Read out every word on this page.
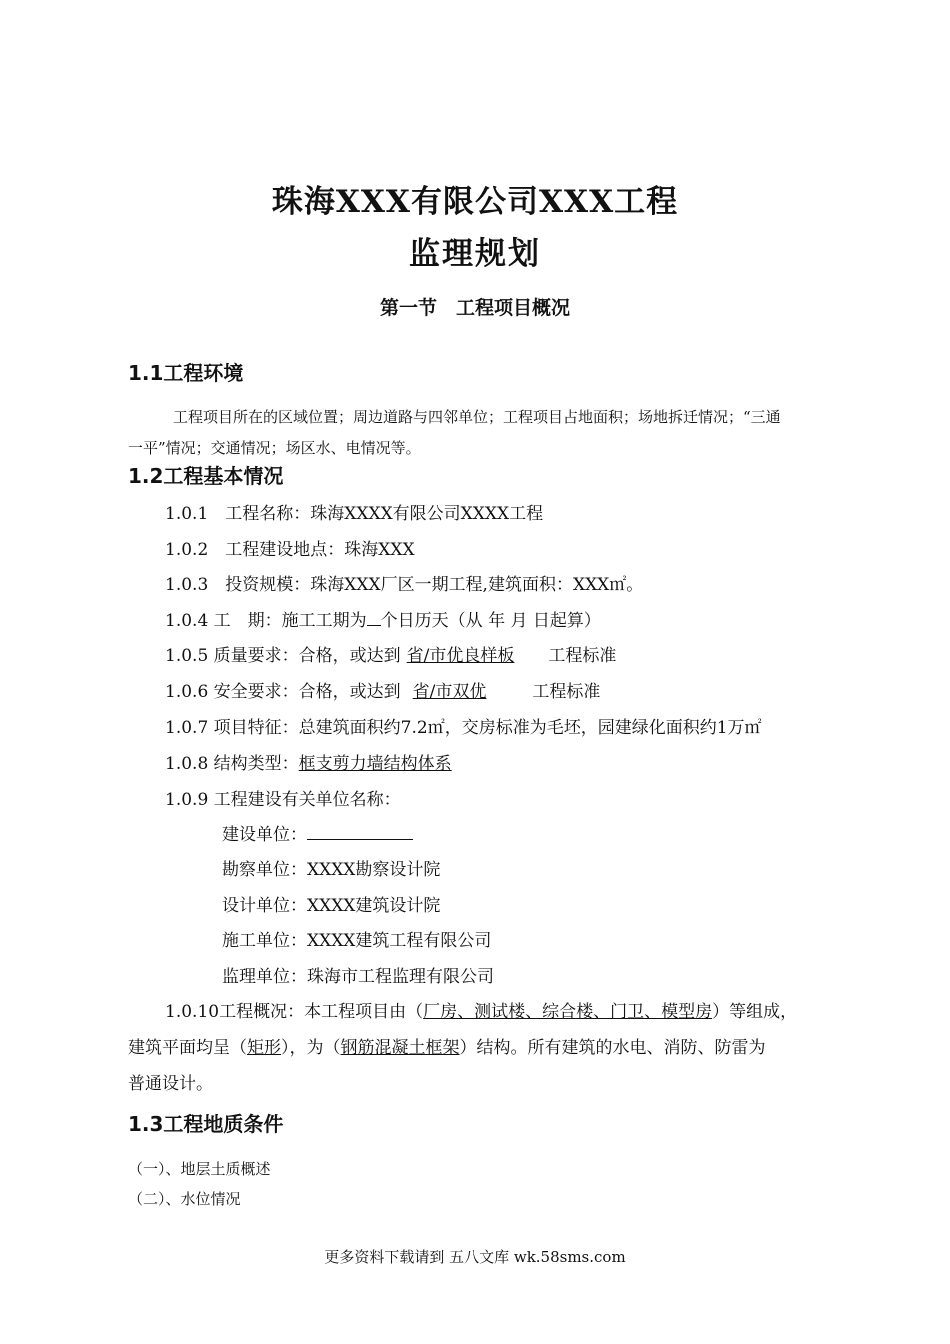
珠海XXX有限公司XXX工程
监理规划
第一节　工程项目概况
1.1工程环境
工程项目所在的区域位置；周边道路与四邻单位；工程项目占地面积；场地拆迁情况；“三通
一平”情况；交通情况；场区水、电情况等。
1.2工程基本情况
1.0.1　工程名称：珠海XXXX有限公司XXXX工程
1.0.2　工程建设地点：珠海XXX
1.0.3　投资规模：珠海XXX厂区一期工程,建筑面积：XXX㎡。
1.0.4 工　期：施工工期为 个日历天（从 年 月 日起算）
1.0.5 质量要求：合格，或达到 省/市优良样板 工程标准
1.0.6 安全要求：合格，或达到 省/市双优	工程标准
1.0.7 项目特征：总建筑面积约7.2㎡，交房标准为毛坯，园建绿化面积约1万㎡
1.0.8 结构类型：框支剪力墙结构体系
1.0.9 工程建设有关单位名称：
建设单位：
勘察单位：XXXX勘察设计院
设计单位：XXXX建筑设计院
施工单位：XXXX建筑工程有限公司
监理单位：珠海市工程监理有限公司
1.0.10工程概况：本工程项目由（厂房、测试楼、综合楼、门卫、模型房）等组成，
建筑平面均呈（矩形），为（钢筋混凝土框架）结构。所有建筑的水电、消防、防雷为
普通设计。
1.3工程地质条件
（一）、地层土质概述
（二）、水位情况
更多资料下载请到 五八文库 wk.58sms.com
